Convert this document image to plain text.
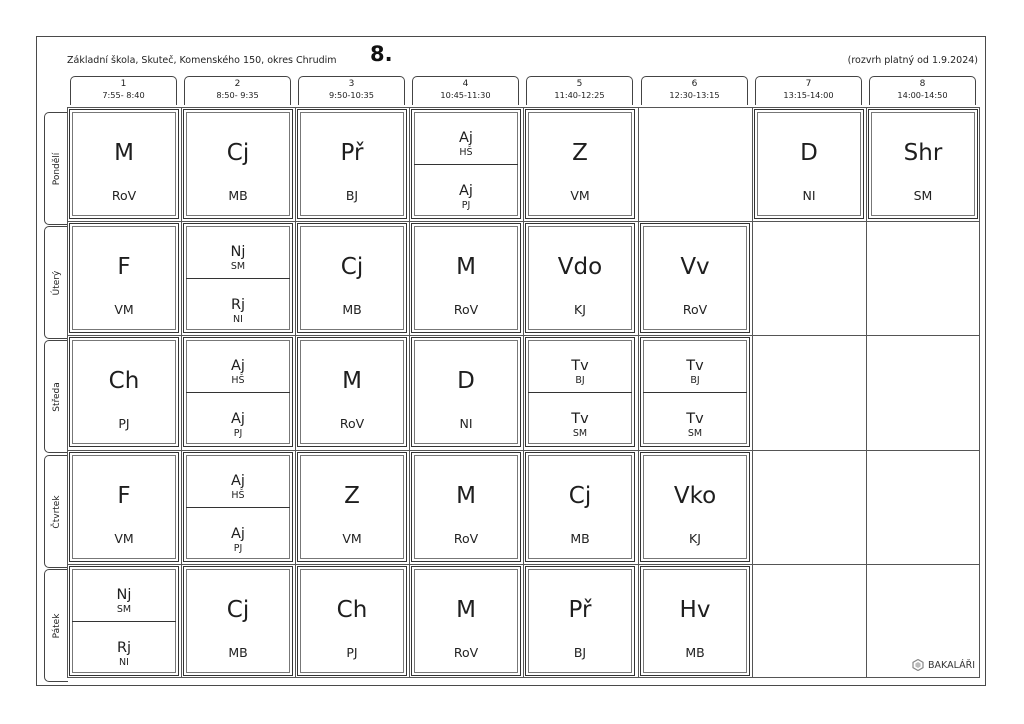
Základní škola, Skuteč, Komenského 150, okres Chrudim 8.	(rozvrh platný od 1.9.2024)
1
7:55- 8:40
2
8:50- 9:35
3
9:50-10:35
4
10:45-11:30
5
11:40-12:25
6
12:30-13:15
7
13:15-14:00
8
14:00-14:50
Pondělí
Úterý
Středa
Čtvrtek
Pátek
M
RoV
Cj
MB
Př
BJ
Aj
HŠ
Aj
PJ
Z
VM
D
NI
Shr
SM
F
VM
Nj
SM
Rj
NI
Cj
MB
M
RoV
Vdo
KJ
Vv
RoV
Ch
PJ
Aj
HŠ
Aj
PJ
M
RoV
D
NI
Tv
BJ
Tv
SM
Tv
BJ
Tv
SM
F
VM
Aj
HŠ
Aj
PJ
Z
VM
M
RoV
Cj
MB
Vko
KJ
Nj
SM
Rj
NI
Cj
MB
Ch
PJ
M
RoV
Př
BJ
Hv
MB
BAKALÁŘI
